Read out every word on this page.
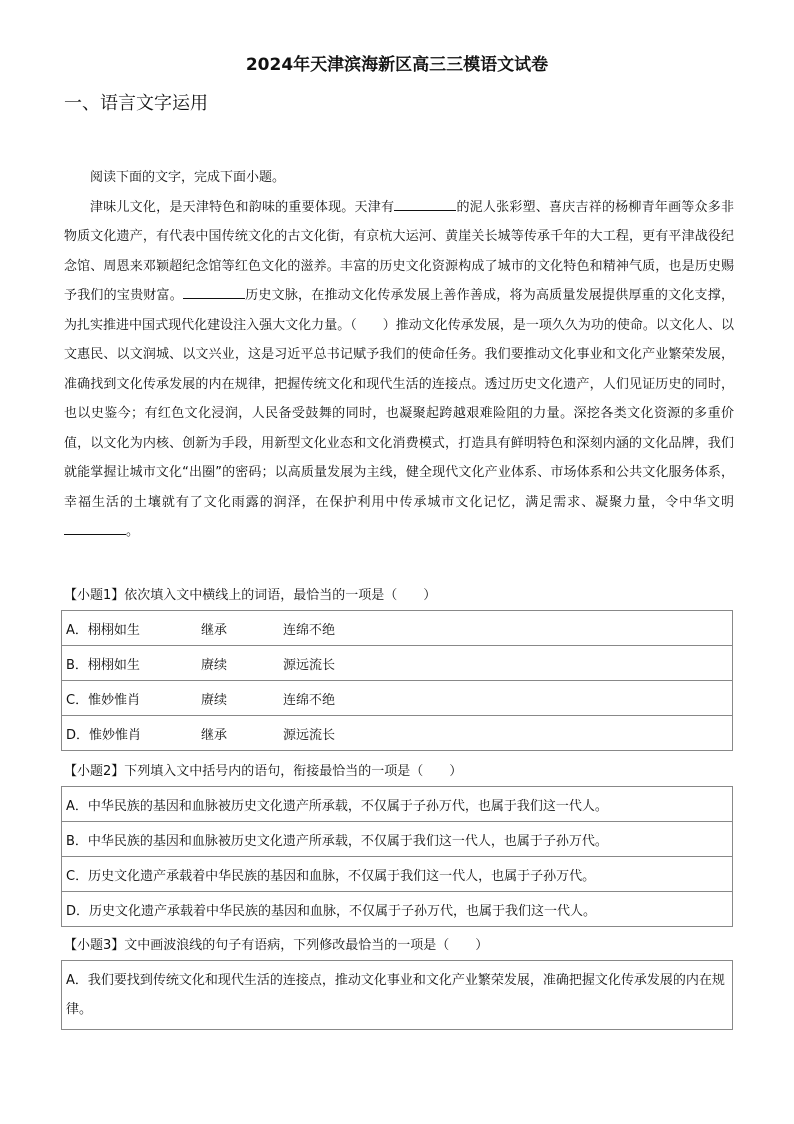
2024年天津滨海新区高三三模语文试卷
一、语言文字运用

阅读下面的文字，完成下面小题。

津味儿文化，是天津特色和韵味的重要体现。天津有	的泥人张彩塑、喜庆吉祥的杨柳青年画等众多非物质文化遗产，有代表中国传统文化的古文化街，有京杭大运河、黄崖关长城等传承千年的大工程，更有平津战役纪念馆、周恩来邓颖超纪念馆等红色文化的滋养。丰富的历史文化资源构成了城市的文化特色和精神气质，也是历史赐予我们的宝贵财富。	历史文脉，在推动文化传承发展上善作善成，将为高质量发展提供厚重的文化支撑，为扎实推进中国式现代化建设注入强大文化力量。（　　）推动文化传承发展，是一项久久为功的使命。以文化人、以文惠民、以文润城、以文兴业，这是习近平总书记赋予我们的使命任务。我们要推动文化事业和文化产业繁荣发展，准确找到文化传承发展的内在规律，把握传统文化和现代生活的连接点。透过历史文化遗产，人们见证历史的同时，也以史鉴今；有红色文化浸润，人民备受鼓舞的同时，也凝聚起跨越艰难险阻的力量。深挖各类文化资源的多重价值，以文化为内核、创新为手段，用新型文化业态和文化消费模式，打造具有鲜明特色和深刻内涵的文化品牌，我们就能掌握让城市文化“出圈”的密码；以高质量发展为主线，健全现代文化产业体系、市场体系和公共文化服务体系，幸福生活的土壤就有了文化雨露的润泽，在保护利用中传承城市文化记忆，满足需求、凝聚力量，令中华文明。

【小题1】依次填入文中横线上的词语，最恰当的一项是（　　）
A．栩栩如生	继承	连绵不绝
B．栩栩如生	赓续	源远流长
C．惟妙惟肖	赓续	连绵不绝
D．惟妙惟肖	继承	源远流长
【小题2】下列填入文中括号内的语句，衔接最恰当的一项是（　　）
A．中华民族的基因和血脉被历史文化遗产所承载，不仅属于子孙万代，也属于我们这一代人。
B．中华民族的基因和血脉被历史文化遗产所承载，不仅属于我们这一代人，也属于子孙万代。
C．历史文化遗产承载着中华民族的基因和血脉，不仅属于我们这一代人，也属于子孙万代。
D．历史文化遗产承载着中华民族的基因和血脉，不仅属于子孙万代，也属于我们这一代人。
【小题3】文中画波浪线的句子有语病，下列修改最恰当的一项是（　　）
A．我们要找到传统文化和现代生活的连接点，推动文化事业和文化产业繁荣发展，准确把握文化传承发展的内在规律。
